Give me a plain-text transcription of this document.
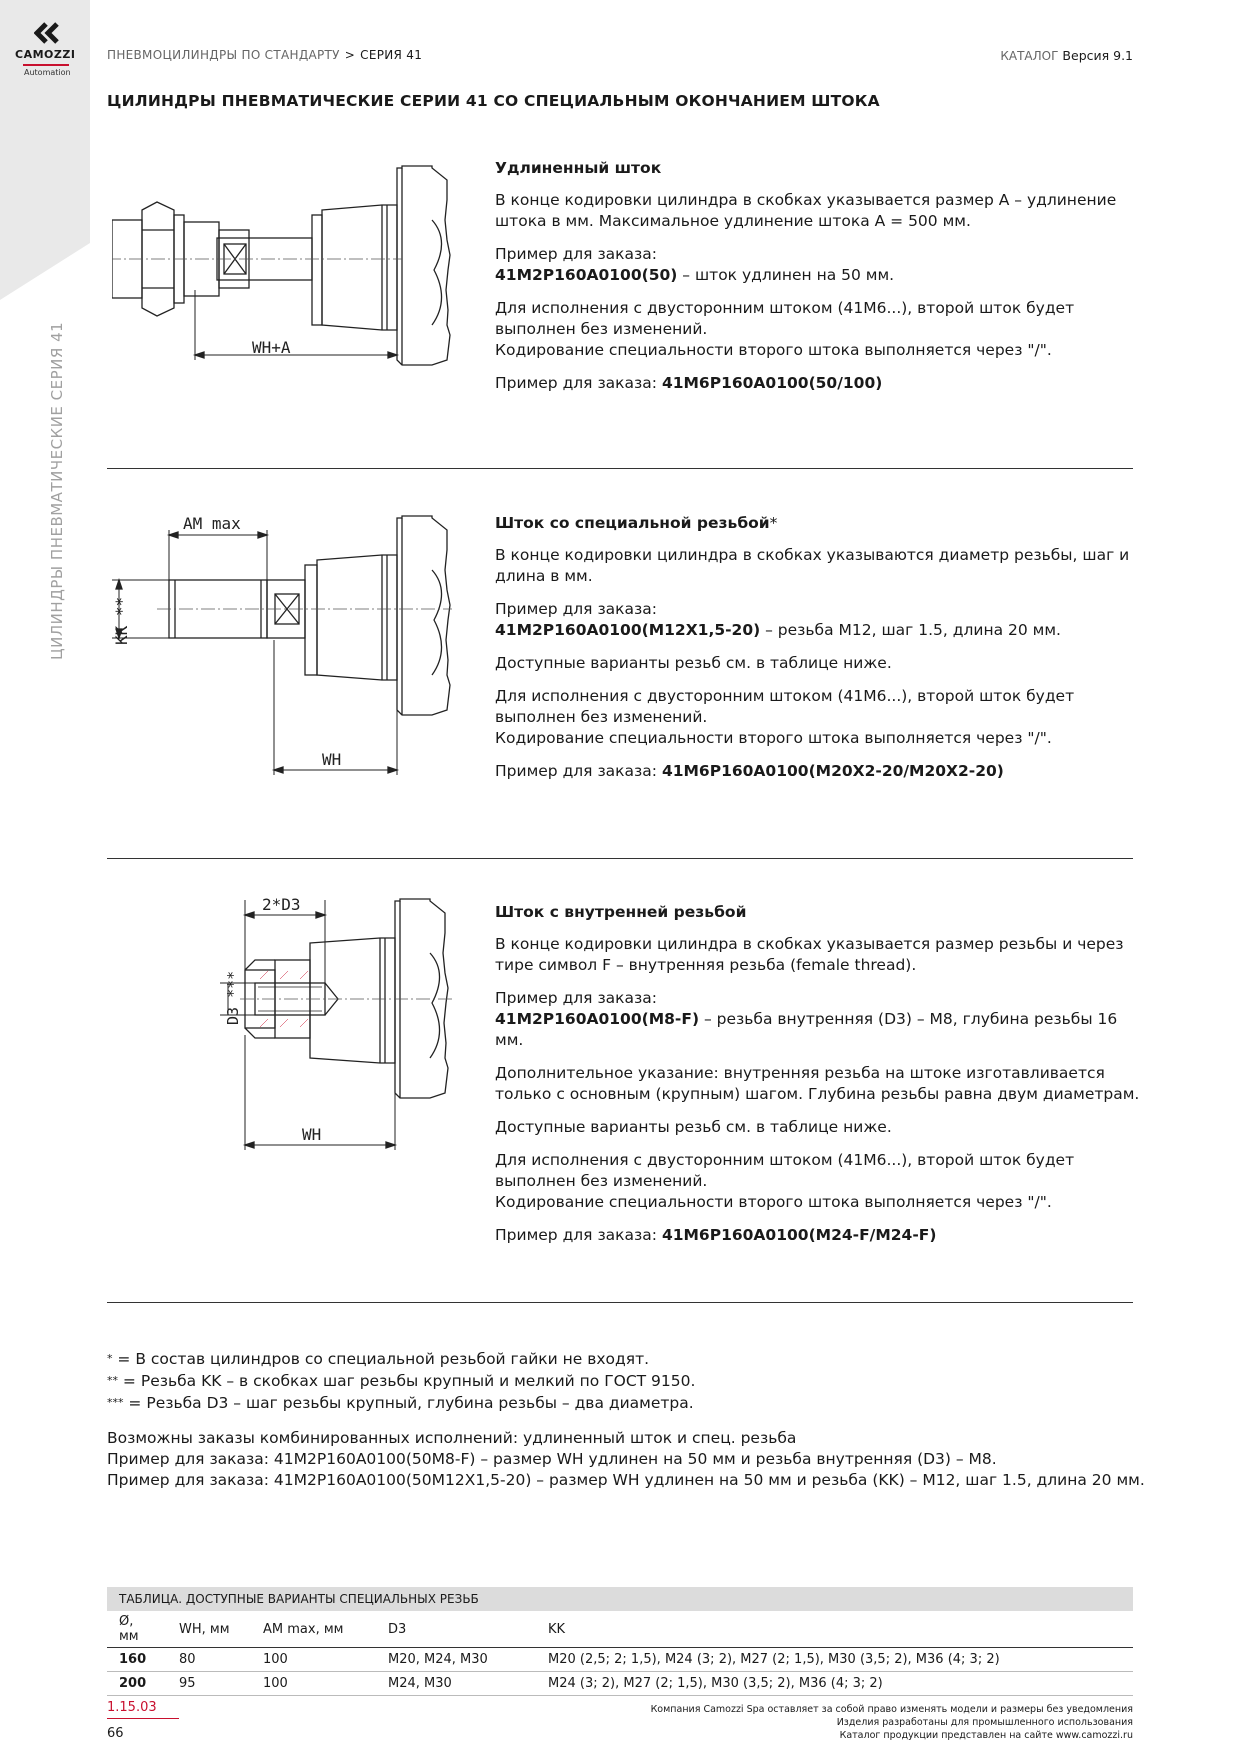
CAMOZZI
Automation
ЦИЛИНДРЫ ПНЕВМАТИЧЕСКИЕ СЕРИЯ 41
ПНЕВМОЦИЛИНДРЫ ПО СТАНДАРТУ > СЕРИЯ 41	КАТАЛОГ Версия 9.1
ЦИЛИНДРЫ ПНЕВМАТИЧЕСКИЕ СЕРИИ 41 СО СПЕЦИАЛЬНЫМ ОКОНЧАНИЕМ ШТОКА
WH+A
Удлиненный шток

В конце кодировки цилиндра в скобках указывается размер A – удлинение штока в мм. Максимальное удлинение штока A = 500 мм.

Пример для заказа:
41M2P160A0100(50) – шток удлинен на 50 мм.

Для исполнения с двусторонним штоком (41M6...), второй шток будет выполнен без изменений.
Кодирование специальности второго штока выполняется через "/".

Пример для заказа: 41M6P160A0100(50/100)

AM max
KK **
WH
Шток со специальной резьбой*

В конце кодировки цилиндра в скобках указываются диаметр резьбы, шаг и длина в мм.

Пример для заказа:
41M2P160A0100(M12X1,5-20) – резьба M12, шаг 1.5, длина 20 мм.

Доступные варианты резьб см. в таблице ниже.

Для исполнения с двусторонним штоком (41M6...), второй шток будет выполнен без изменений.
Кодирование специальности второго штока выполняется через "/".

Пример для заказа: 41M6P160A0100(M20X2-20/M20X2-20)

2*D3
D3 ***
WH
Шток с внутренней резьбой

В конце кодировки цилиндра в скобках указывается размер резьбы и через тире символ F – внутренняя резьба (female thread).

Пример для заказа:
41M2P160A0100(M8-F) – резьба внутренняя (D3) – M8, глубина резьбы 16 мм.

Дополнительное указание: внутренняя резьба на штоке изготавливается только с основным (крупным) шагом. Глубина резьбы равна двум диаметрам.

Доступные варианты резьб см. в таблице ниже.

Для исполнения с двусторонним штоком (41M6...), второй шток будет выполнен без изменений.
Кодирование специальности второго штока выполняется через "/".

Пример для заказа: 41M6P160A0100(M24-F/M24-F)

* = В состав цилиндров со специальной резьбой гайки не входят.

** = Резьба KK – в скобках шаг резьбы крупный и мелкий по ГОСТ 9150.

*** = Резьба D3 – шаг резьбы крупный, глубина резьбы – два диаметра.

Возможны заказы комбинированных исполнений: удлиненный шток и спец. резьба

Пример для заказа: 41M2P160A0100(50M8-F) – размер WH удлинен на 50 мм и резьба внутренняя (D3) – M8.

Пример для заказа: 41M2P160A0100(50M12X1,5-20) – размер WH удлинен на 50 мм и резьба (KK) – M12, шаг 1.5, длина 20 мм.

ТАБЛИЦА. ДОСТУПНЫЕ ВАРИАНТЫ СПЕЦИАЛЬНЫХ РЕЗЬБ
Ø, мм	WH, мм	AM max, мм	D3	KK
160	80	100	M20, M24, M30	M20 (2,5; 2; 1,5), M24 (3; 2), M27 (2; 1,5), M30 (3,5; 2), M36 (4; 3; 2)
200	95	100	M24, M30	M24 (3; 2), M27 (2; 1,5), M30 (3,5; 2), M36 (4; 3; 2)
1.15.03
66
Компания Camozzi Spa оставляет за собой право изменять модели и размеры без уведомления
Изделия разработаны для промышленного использования
Каталог продукции представлен на сайте www.camozzi.ru
